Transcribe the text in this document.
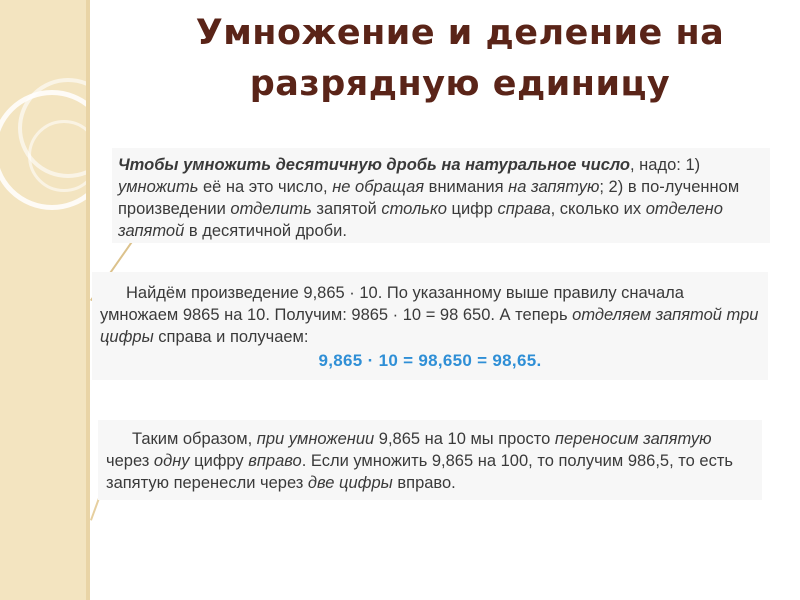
Умножение и деление на
разрядную единицу
Чтобы умножить десятичную дробь на натуральное число, надо: 1) умножить её на это число, не обращая внимания на запятую; 2) в по-лученном произведении отделить запятой столько цифр справа, сколько их отделено запятой в десятичной дроби.
Найдём произведение 9,865 · 10. По указанному выше правилу сначала умножаем 9865 на 10. Получим: 9865 · 10 = 98 650. А теперь отделяем запятой три цифры справа и получаем:
9,865 · 10 = 98,650 = 98,65.
Таким образом, при умножении 9,865 на 10 мы просто переносим запятую через одну цифру вправо. Если умножить 9,865 на 100, то получим 986,5, то есть запятую перенесли через две цифры вправо.
